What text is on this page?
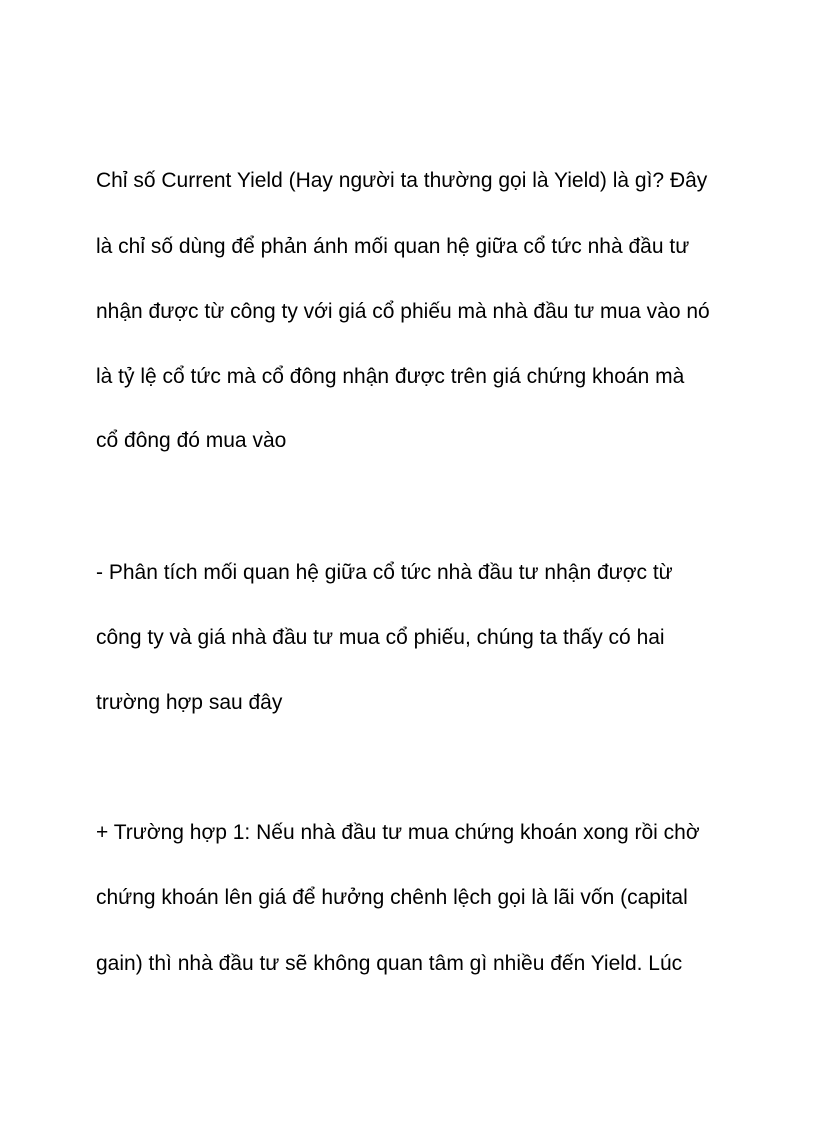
Chỉ số Current Yield (Hay người ta thường gọi là Yield) là gì? Đây
là chỉ số dùng để phản ánh mối quan hệ giữa cổ tức nhà đầu tư
nhận được từ công ty với giá cổ phiếu mà nhà đầu tư mua vào nó
là tỷ lệ cổ tức mà cổ đông nhận được trên giá chứng khoán mà
cổ đông đó mua vào
- Phân tích mối quan hệ giữa cổ tức nhà đầu tư nhận được từ
công ty và giá nhà đầu tư mua cổ phiếu, chúng ta thấy có hai
trường hợp sau đây
+ Trường hợp 1: Nếu nhà đầu tư mua chứng khoán xong rồi chờ
chứng khoán lên giá để hưởng chênh lệch gọi là lãi vốn (capital
gain) thì nhà đầu tư sẽ không quan tâm gì nhiều đến Yield. Lúc
